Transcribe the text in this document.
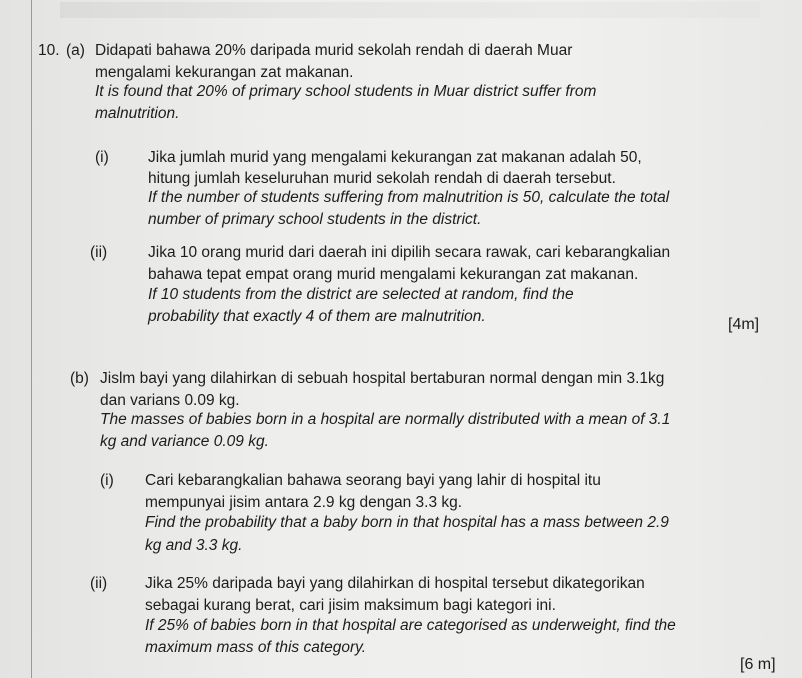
10. (a) Didapati bahawa 20% daripada murid sekolah rendah di daerah Muar
mengalami kekurangan zat makanan.
It is found that 20% of primary school students in Muar district suffer from
malnutrition.
(i)	Jika jumlah murid yang mengalami kekurangan zat makanan adalah 50,
hitung jumlah keseluruhan murid sekolah rendah di daerah tersebut.
If the number of students suffering from malnutrition is 50, calculate the total
number of primary school students in the district.
(ii)	Jika 10 orang murid dari daerah ini dipilih secara rawak, cari kebarangkalian
bahawa tepat empat orang murid mengalami kekurangan zat makanan.
If 10 students from the district are selected at random, find the
probability that exactly 4 of them are malnutrition.	[4m]
(b) Jislm bayi yang dilahirkan di sebuah hospital bertaburan normal dengan min 3.1kg
dan varians 0.09 kg.
The masses of babies born in a hospital are normally distributed with a mean of 3.1
kg and variance 0.09 kg.
(i) Cari kebarangkalian bahawa seorang bayi yang lahir di hospital itu
mempunyai jisim antara 2.9 kg dengan 3.3 kg.
Find the probability that a baby born in that hospital has a mass between 2.9
kg and 3.3 kg.
(ii) Jika 25% daripada bayi yang dilahirkan di hospital tersebut dikategorikan
sebagai kurang berat, cari jisim maksimum bagi kategori ini.
If 25% of babies born in that hospital are categorised as underweight, find the
maximum mass of this category.
[6 m]
